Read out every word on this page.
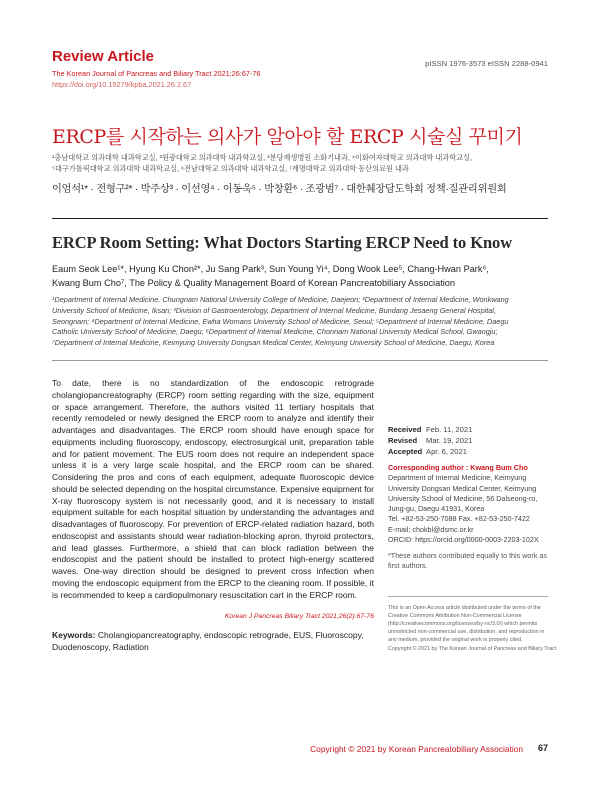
Review Article
The Korean Journal of Pancreas and Biliary Tract 2021;26:67-76
https://doi.org/10.15279/kpba.2021.26.2.67
pISSN 1976-3573 eISSN 2288-0941
ERCP를 시작하는 의사가 알아야 할 ERCP 시술실 꾸미기
¹충남대학교 의과대학 내과학교실, ²원광대학교 의과대학 내과학교실, ³분당제생병원 소화기내과, ⁴이화여자대학교 의과대학 내과학교실,
⁵대구가톨릭대학교 의과대학 내과학교실, ⁶전남대학교 의과대학 내과학교실, ⁷계명대학교 의과대학 동산의료원 내과
이엄석¹* · 전형구²* · 박주상³ · 이선영⁴ · 이동욱⁵ · 박창환⁶ · 조광범⁷ · 대한췌장담도학회 정책·질관리위원회
ERCP Room Setting: What Doctors Starting ERCP Need to Know
Eaum Seok Lee¹*, Hyung Ku Chon²*, Ju Sang Park³, Sun Young Yi⁴, Dong Wook Lee⁵, Chang-Hwan Park⁶,
Kwang Bum Cho⁷, The Policy & Quality Management Board of Korean Pancreatobiliary Association
¹Department of Internal Medicine, Chungnam National University College of Medicine, Daejeon; ²Department of Internal Medicine, Wonkwang
University School of Medicine, Iksan; ³Division of Gastroenterology, Department of Internal Medicine, Bundang Jesaeng General Hospital,
Seongnam; ⁴Department of Internal Medicine, Ewha Womans University School of Medicine, Seoul; ⁵Department of Internal Medicine, Daegu
Catholic University School of Medicine, Daegu; ⁶Department of Internal Medicine, Chonnam National University Medical School, Gwangju;
⁷Department of Internal Medicine, Keimyung University Dongsan Medical Center, Keimyung University School of Medicine, Daegu, Korea
To date, there is no standardization of the endoscopic retrograde cholangiopancreatography (ERCP) room setting regarding with the size, equipment or space arrangement. Therefore, the authors visited 11 tertiary hospitals that recently remodeled or newly designed the ERCP room to analyze and identify their advantages and disadvantages. The ERCP room should have enough space for equipments including fluoroscopy, endoscopy, electrosurgical unit, preparation table and for patient movement. The EUS room does not require an independent space unless it is a very large scale hospital, and the ERCP room can be shared. Considering the pros and cons of each equipment, adequate fluoroscopic device should be selected depending on the hospital circumstance. Expensive equipment for X-ray fluoroscopy system is not necessarily good, and it is necessary to install equipment suitable for each hospital situation by understanding the advantages and disadvantages of fluoroscopy. For prevention of ERCP-related radiation hazard, both endoscopist and assistants should wear radiation-blocking apron, thyroid protectors, and lead glasses. Furthermore, a shield that can block radiation between the endoscopist and the patient should be installed to protect high-energy scattered waves. One-way direction should be designed to prevent cross infection when moving the endoscopic equipment from the ERCP to the cleaning room. If possible, it is recommended to keep a cardiopulmonary resuscitation cart in the ERCP room.
Korean J Pancreas Biliary Tract 2021;26(2):67-76
Keywords: Cholangiopancreatography, endoscopic retrograde, EUS, Fluoroscopy, Duodenoscopy, Radiation
Received Feb. 11, 2021
Revised	Mar. 19, 2021
Accepted Apr. 6, 2021
Corresponding author : Kwang Bum Cho
Department of Internal Medicine, Keimyung
University Dongsan Medical Center, Keimyung
University School of Medicine, 56 Dalseong-ro,
Jung-gu, Daegu 41931, Korea
Tel. +82-53-250-7088 Fax. +82-53-250-7422
E-mail; chokbl@dsmc.or.kr
ORCID: https://orcid.org/0000-0003-2203-102X
*These authors contributed equally to this work as first authors.
This is an Open Access article distributed under the terms of the Creative Commons Attribution Non-Commercial License (http://creativecommons.org/licenses/by-nc/3.0/) which permits unrestricted non-commercial use, distribution, and reproduction in any medium, provided the original work is properly cited.
Copyright © 2021 by The Korean Journal of Pancreas and Biliary Tract
Copyright © 2021 by Korean Pancreatobiliary Association 67
